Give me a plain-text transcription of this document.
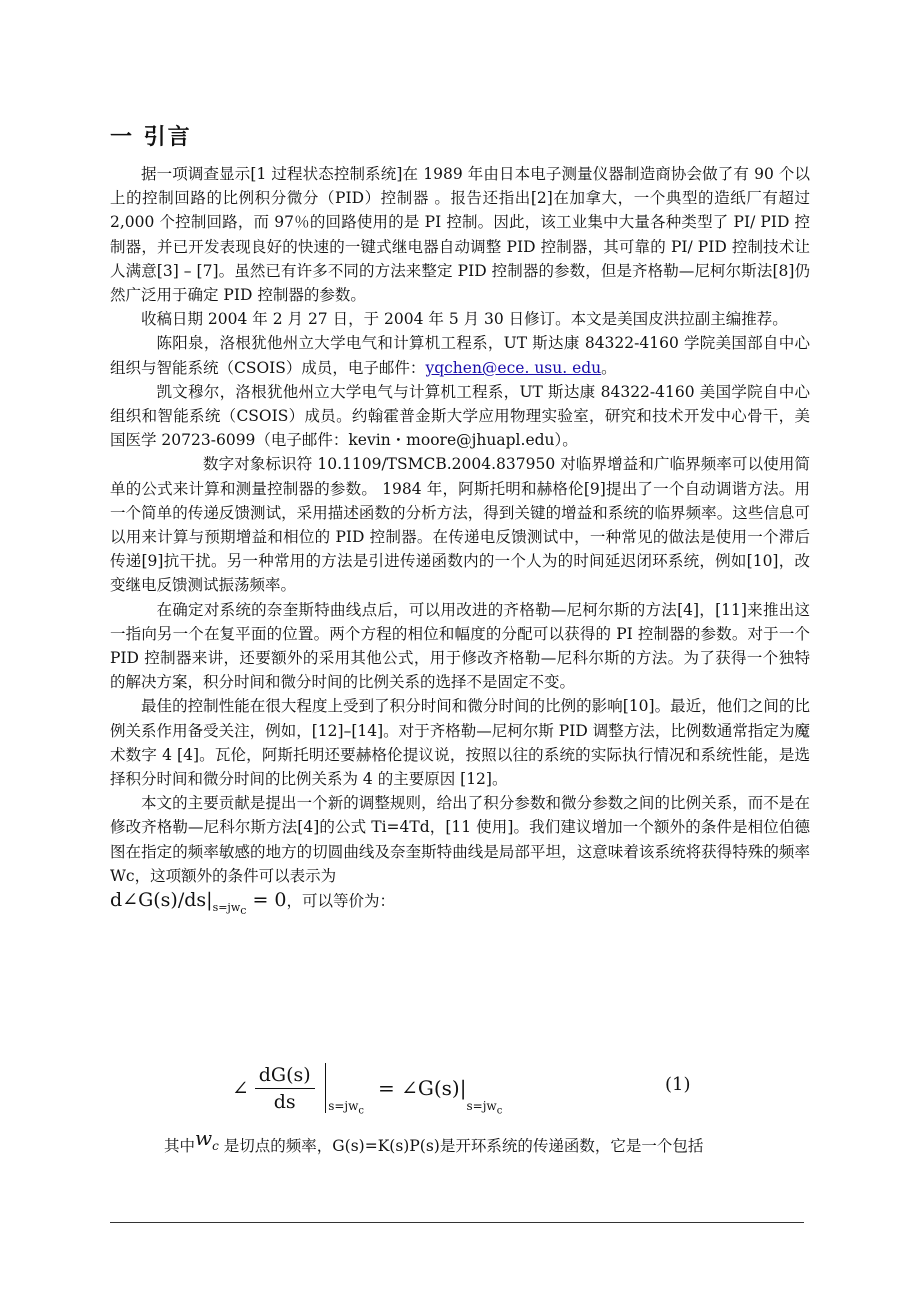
一 引言

据一项调查显示[1 过程状态控制系统]在 1989 年由日本电子测量仪器制造商协会做了有 90 个以上的控制回路的比例积分微分（PID）控制器 。报告还指出[2]在加拿大，一个典型的造纸厂有超过 2,000 个控制回路，而 97％的回路使用的是 PI 控制。因此，该工业集中大量各种类型了 PI/ PID 控制器，并已开发表现良好的快速的一键式继电器自动调整 PID 控制器，其可靠的 PI/ PID 控制技术让人满意[3] – [7]。虽然已有许多不同的方法来整定 PID 控制器的参数，但是齐格勒—尼柯尔斯法[8]仍然广泛用于确定 PID 控制器的参数。

收稿日期 2004 年 2 月 27 日，于 2004 年 5 月 30 日修订。本文是美国皮洪拉副主编推荐。

陈阳泉，洛根犹他州立大学电气和计算机工程系，UT 斯达康 84322-4160 学院美国部自中心组织与智能系统（CSOIS）成员，电子邮件：yqchen@ece. usu. edu。

凯文穆尔，洛根犹他州立大学电气与计算机工程系，UT 斯达康 84322-4160 美国学院自中心组织和智能系统（CSOIS）成员。约翰霍普金斯大学应用物理实验室，研究和技术开发中心骨干，美国医学 20723-6099（电子邮件：kevin・moore@jhuapl.edu）。

数字对象标识符 10.1109/TSMCB.2004.837950 对临界增益和广临界频率可以使用简单的公式来计算和测量控制器的参数。 1984 年，阿斯托明和赫格伦[9]提出了一个自动调谐方法。用一个简单的传递反馈测试，采用描述函数的分析方法，得到关键的增益和系统的临界频率。这些信息可以用来计算与预期增益和相位的 PID 控制器。在传递电反馈测试中，一种常见的做法是使用一个滞后传递[9]抗干扰。另一种常用的方法是引进传递函数内的一个人为的时间延迟闭环系统，例如[10]，改变继电反馈测试振荡频率。

在确定对系统的奈奎斯特曲线点后，可以用改进的齐格勒—尼柯尔斯的方法[4]，[11]来推出这一指向另一个在复平面的位置。两个方程的相位和幅度的分配可以获得的 PI 控制器的参数。对于一个 PID 控制器来讲，还要额外的采用其他公式，用于修改齐格勒—尼科尔斯的方法。为了获得一个独特的解决方案，积分时间和微分时间的比例关系的选择不是固定不变。

最佳的控制性能在很大程度上受到了积分时间和微分时间的比例的影响[10]。最近，他们之间的比例关系作用备受关注，例如，[12]–[14]。对于齐格勒—尼柯尔斯 PID 调整方法，比例数通常指定为魔术数字 4 [4]。瓦伦，阿斯托明还要赫格伦提议说，按照以往的系统的实际执行情况和系统性能，是选择积分时间和微分时间的比例关系为 4 的主要原因 [12]。

本文的主要贡献是提出一个新的调整规则，给出了积分参数和微分参数之间的比例关系，而不是在修改齐格勒—尼科尔斯方法[4]的公式 Ti=4Td，[11 使用]。我们建议增加一个额外的条件是相位伯德图在指定的频率敏感的地方的切圆曲线及奈奎斯特曲线是局部平坦，这意味着该系统将获得特殊的频率 Wc，这项额外的条件可以表示为
$d\angle G(s)/ds|_{s=jw_c} = 0$，可以等价为：

∠ $\frac{dG(s)}{ds} s=jw_c$
= ∠G(s)|
$s=jw_c$
(1)
其中$w_c$ 是切点的频率，G(s)=K(s)P(s)是开环系统的传递函数，它是一个包括
